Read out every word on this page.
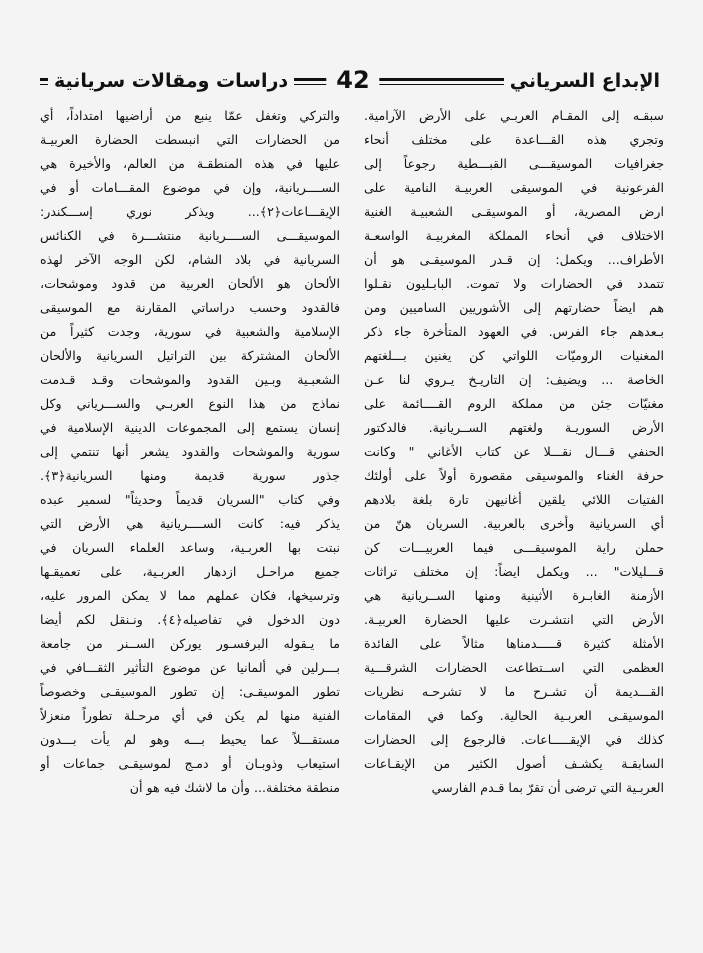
الإبداع السرياني
42
دراسات ومقالات سريانية
سبقـه إلى المقـام العربـي على الأرض الآرامية.
وتجري هذه القـــاعدة على مختلف أنحاء
جغرافيات الموسيقـــى القبـــطية رجوعاً إلى
الفرعونية في الموسيقى العربيـة النامية على
ارض المصرية، أو الموسيقـى الشعبيـة الغنية
الاختلاف في أنحاء المملكة المغربيـة الواسعـة
الأطراف... ويكمل: إن قـدر الموسيقـى هو أن
تتمدد في الحضارات ولا تموت. البابـليون نقـلوا
هم ايضاً حضارتهم إلى الأشوريين الساميين ومن
بـعدهم جاء الفرس. في العهود المتأخرة جاء ذكر
المغنيات الروميّات اللواتي كن يغنين بـــلغتهم
الخاصة ... ويضيف: إن التاريـخ يـروي لنا عـن
مغنيّات جئن من مملكة الروم القــــائمة على
الأرض السوريـة ولغتهم الســريانية. فالدكتور
الحنفي قـــال نقـــلا عن كتاب الأغاني " وكانت
حرفة الغناء والموسيقى مقصورة أولاً على أولئك
الفتيات اللائي يلقين أغانيهن تارة بلغة بلادهم
أي السريانية وأخرى بالعربية. السريان هنّ من
حملن راية الموسيقـــى فيما العربيـــات كن
قـــليلات" ... ويكمل ايضاً: إن مختلف تراثات
الأزمنة الغابـرة الأثينية ومنها الســريانية هي
الأرض التي انتشـرت عليها الحضارة العربيـة.
الأمثلة كثيرة قـــــدمناها مثالاً على الفائدة
العظمى التي اســتطاعت الحضارات الشرقـــية
القـــديمة أن تشـرح ما لا تشرحـه نظريات
الموسيقـى العربـية الحالية. وكما في المقامات
كذلك في الإيقـــــاعات. فالرجوع إلى الحضارات
السابقـة يكشـف أصول الكثير من الإيقـاعات
العربـية التي ترضى أن تقرّ بما قـدم الفارسي
والتركي وتغفل عمّا ينبع من أراضيها امتداداً، أي
من الحضارات التي انبسطت الحضارة العربيـة
عليها في هذه المنطقـة من العالم، والأخيرة هي
الســــريانية، وإن في موضوع المقـــامات أو في
الإيقـــاعات﴿٢﴾... ويذكر نوري إســـكندر:
الموسيقـــى الســــريانية منتشـــرة في الكنائس
السريانية في بلاد الشام، لكن الوجه الآخر لهذه
الألحان هو الألحان العربية من قدود وموشحات،
فالقدود وحسب دراساتي المقارنة مع الموسيقى
الإسلامية والشعبية في سورية، وجدت كثيراً من
الألحان المشتركة بين التراتيل السريانية والألحان
الشعبـية وبـين القدود والموشحات وقـد قـدمت
نماذج من هذا النوع العربـي والســـرياني وكل
إنسان يستمع إلى المجموعات الدينية الإسلامية في
سورية والموشحات والقدود يشعر أنها تنتمي إلى
جذور سورية قديمة ومنها السريانية﴿٣﴾.
وفي كتاب "السريان قديماً وحديثاً" لسمير عبده
يذكر فيه: كانت الســــريانية هي الأرض التي
نبتت بها العربـية، وساعد العلماء السريان في
جميع مراحـل ازدهار العربـية، على تعميقـها
وترسيخها، فكان عملهم مما لا يمكن المرور عليه،
دون الدخول في تفاصيله﴿٤﴾. ونـنقل لكم أيضا
ما يـقوله البرفسـور يوركن الســنر من جامعة
بـــرلين في ألمانيا عن موضوع التأثير الثقـــافي في
تطور الموسيقـى: إن تطور الموسيقـى وخصوصاً
الفنية منها لم يكن في أي مرحـلة تطوراً منعزلاً
مستقـــلاً عما يحيط بـــه وهو لم يأت بـــدون
استيعاب وذوبـان أو دمـج لموسيقـى جماعات أو
منطقة مختلفة... وأن ما لاشك فيه هو أن
